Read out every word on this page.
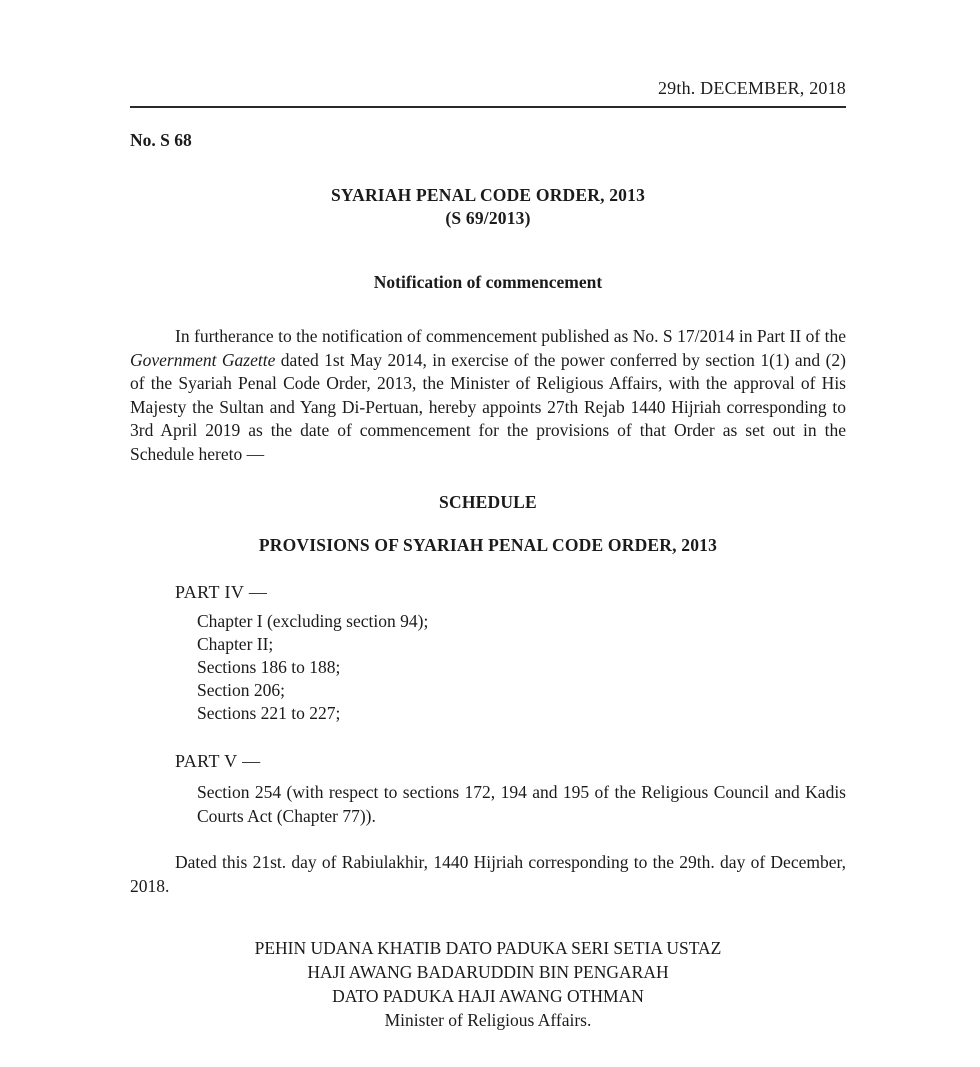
29th. DECEMBER, 2018
No. S 68
SYARIAH PENAL CODE ORDER, 2013
(S 69/2013)
Notification of commencement

In furtherance to the notification of commencement published as No. S 17/2014 in Part II of the Government Gazette dated 1st May 2014, in exercise of the power conferred by section 1(1) and (2) of the Syariah Penal Code Order, 2013, the Minister of Religious Affairs, with the approval of His Majesty the Sultan and Yang Di-Pertuan, hereby appoints 27th Rejab 1440 Hijriah corresponding to 3rd April 2019 as the date of commencement for the provisions of that Order as set out in the Schedule hereto —

SCHEDULE
PROVISIONS OF SYARIAH PENAL CODE ORDER, 2013
PART IV —
Chapter I (excluding section 94);
Chapter II;
Sections 186 to 188;
Section 206;
Sections 221 to 227;
PART V —

Section 254 (with respect to sections 172, 194 and 195 of the Religious Council and Kadis Courts Act (Chapter 77)).

Dated this 21st. day of Rabiulakhir, 1440 Hijriah corresponding to the 29th. day of December, 2018.

PEHIN UDANA KHATIB DATO PADUKA SERI SETIA USTAZ
HAJI AWANG BADARUDDIN BIN PENGARAH
DATO PADUKA HAJI AWANG OTHMAN
Minister of Religious Affairs.
